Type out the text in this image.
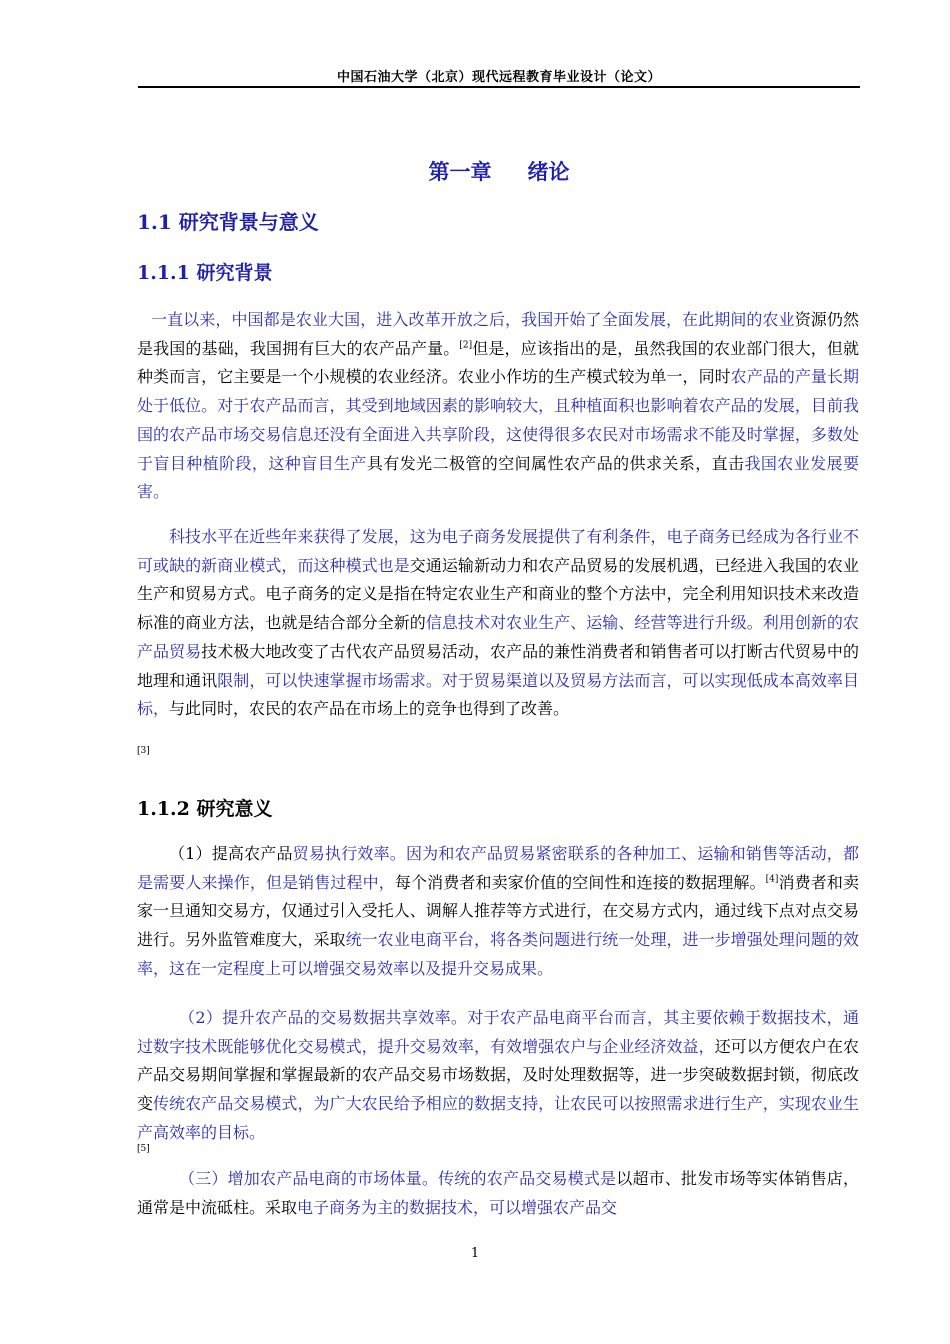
中国石油大学（北京）现代远程教育毕业设计（论文）
第一章 绪论
1.1 研究背景与意义
1.1.1 研究背景
一直以来，中国都是农业大国，进入改革开放之后，我国开始了全面发展，在此期间的农业资源仍然是我国的基础，我国拥有巨大的农产品产量。[2]但是，应该指出的是，虽然我国的农业部门很大，但就种类而言，它主要是一个小规模的农业经济。农业小作坊的生产模式较为单一，同时农产品的产量长期处于低位。对于农产品而言，其受到地域因素的影响较大，且种植面积也影响着农产品的发展，目前我国的农产品市场交易信息还没有全面进入共享阶段，这使得很多农民对市场需求不能及时掌握，多数处于盲目种植阶段，这种盲目生产具有发光二极管的空间属性农产品的供求关系，直击我国农业发展要害。
科技水平在近些年来获得了发展，这为电子商务发展提供了有利条件，电子商务已经成为各行业不可或缺的新商业模式，而这种模式也是交通运输新动力和农产品贸易的发展机遇，已经进入我国的农业生产和贸易方式。电子商务的定义是指在特定农业生产和商业的整个方法中，完全利用知识技术来改造标准的商业方法，也就是结合部分全新的信息技术对农业生产、运输、经营等进行升级。利用创新的农产品贸易技术极大地改变了古代农产品贸易活动，农产品的兼性消费者和销售者可以打断古代贸易中的地理和通讯限制，可以快速掌握市场需求。对于贸易渠道以及贸易方法而言，可以实现低成本高效率目标，与此同时，农民的农产品在市场上的竞争也得到了改善。
[3]
1.1.2 研究意义
（1）提高农产品贸易执行效率。因为和农产品贸易紧密联系的各种加工、运输和销售等活动，都是需要人来操作，但是销售过程中，每个消费者和卖家价值的空间性和连接的数据理解。[4]消费者和卖家一旦通知交易方，仅通过引入受托人、调解人推荐等方式进行，在交易方式内，通过线下点对点交易进行。另外监管难度大，采取统一农业电商平台，将各类问题进行统一处理，进一步增强处理问题的效率，这在一定程度上可以增强交易效率以及提升交易成果。
（2）提升农产品的交易数据共享效率。对于农产品电商平台而言，其主要依赖于数据技术，通过数字技术既能够优化交易模式，提升交易效率，有效增强农户与企业经济效益，还可以方便农户在农产品交易期间掌握和掌握最新的农产品交易市场数据，及时处理数据等，进一步突破数据封锁，彻底改变传统农产品交易模式，为广大农民给予相应的数据支持，让农民可以按照需求进行生产，实现农业生产高效率的目标。
[5]
（三）增加农产品电商的市场体量。传统的农产品交易模式是以超市、批发市场等实体销售店，通常是中流砥柱。采取电子商务为主的数据技术，可以增强农产品交
1
